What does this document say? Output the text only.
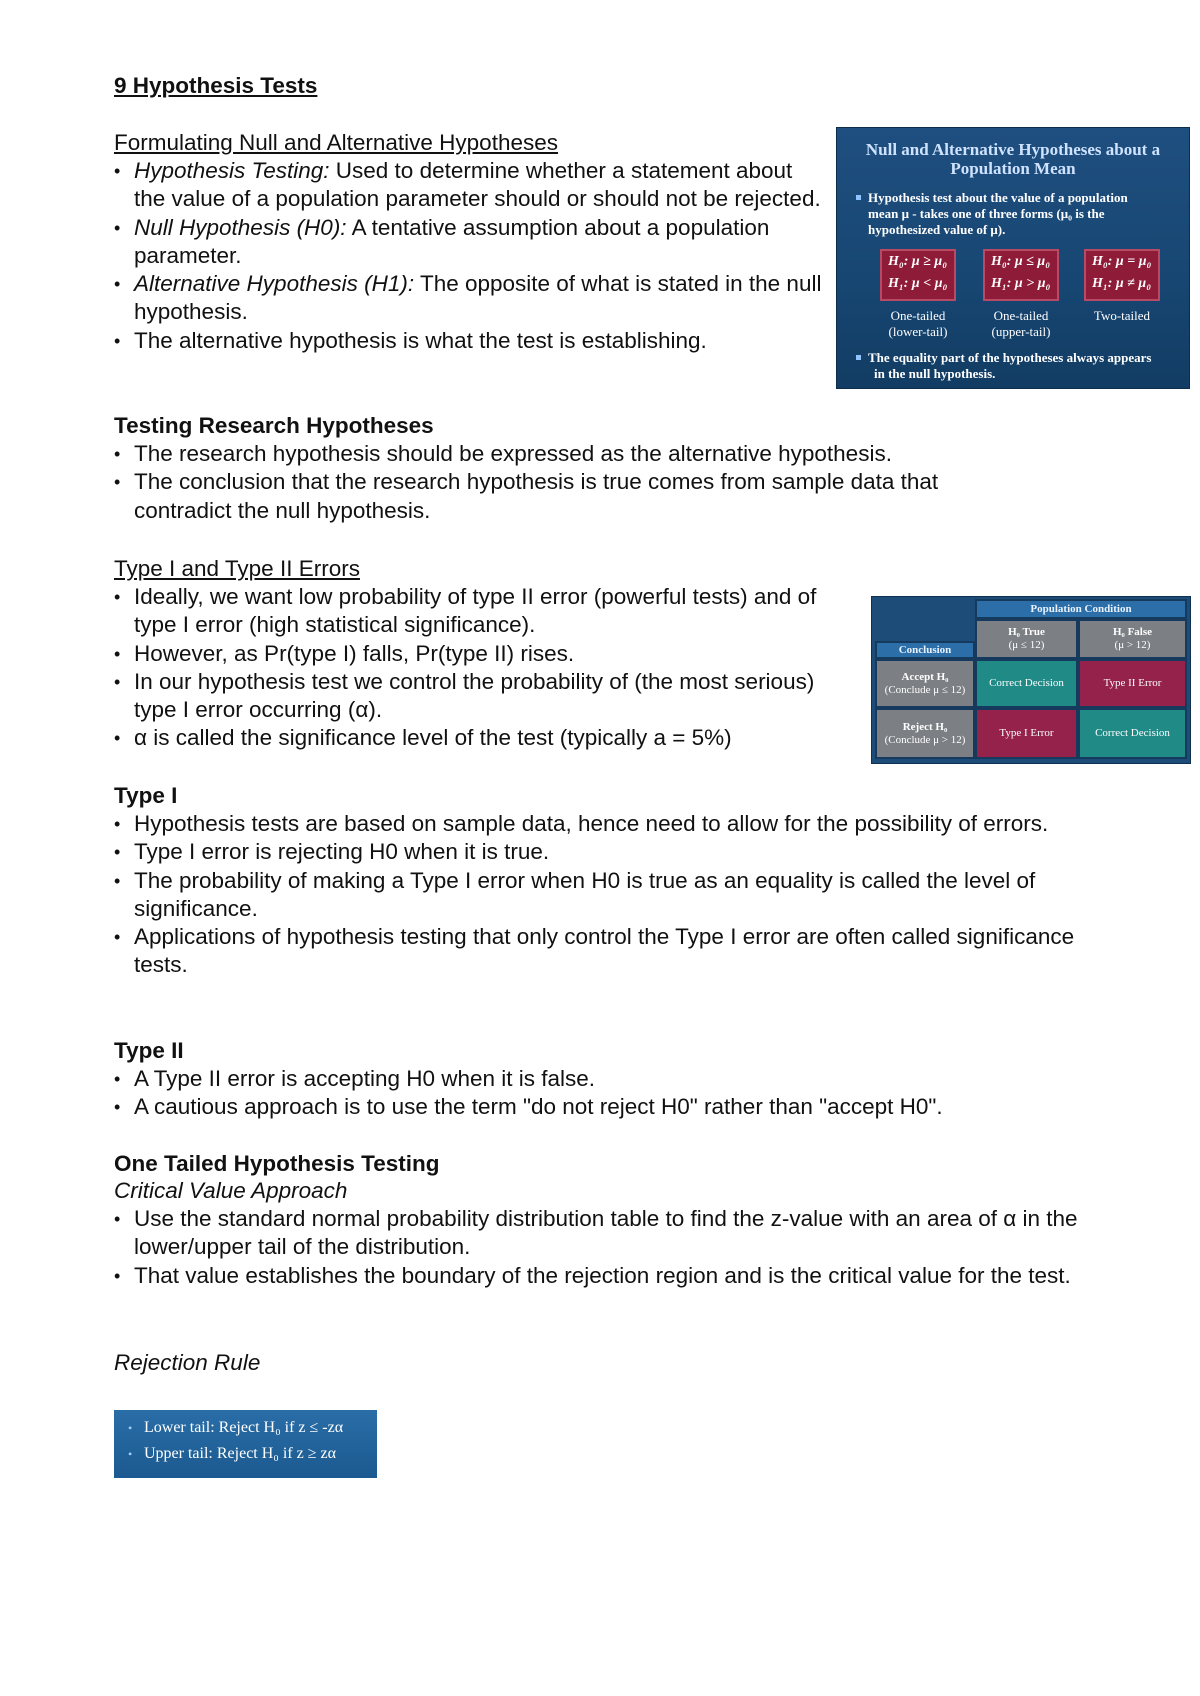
9 Hypothesis Tests
Formulating Null and Alternative Hypotheses
• Hypothesis Testing: Used to determine whether a statement about the value of a population parameter should or should not be rejected.
• Null Hypothesis (H0): A tentative assumption about a population parameter.
• Alternative Hypothesis (H1): The opposite of what is stated in the null hypothesis.
• The alternative hypothesis is what the test is establishing.
Null and Alternative Hypotheses about a
Population Mean
Hypothesis test about the value of a population
mean μ - takes one of three forms (μ₀ is the
hypothesized value of μ).
H₀: μ ≥ μ₀
H₁: μ < μ₀
H₀: μ ≤ μ₀
H₁: μ > μ₀
H₀: μ = μ₀
H₁: μ ≠ μ₀
One-tailed
(lower-tail)
One-tailed
(upper-tail)
Two-tailed
The equality part of the hypotheses always appears
in the null hypothesis.
Testing Research Hypotheses
• The research hypothesis should be expressed as the alternative hypothesis.
• The conclusion that the research hypothesis is true comes from sample data that contradict the null hypothesis.
Type I and Type II Errors
• Ideally, we want low probability of type II error (powerful tests) and of type I error (high statistical significance).
• However, as Pr(type I) falls, Pr(type II) rises.
• In our hypothesis test we control the probability of (the most serious) type I error occurring (α).
• α is called the significance level of the test (typically a = 5%)
Population Condition
H₀ True
(μ ≤ 12)
H₀ False
(μ > 12)
Conclusion
Accept H₀
(Conclude μ ≤ 12)
Correct Decision	Type II Error
Reject H₀
(Conclude μ > 12)
Type I Error	Correct Decision
Type I
• Hypothesis tests are based on sample data, hence need to allow for the possibility of errors.
• Type I error is rejecting H0 when it is true.
• The probability of making a Type I error when H0 is true as an equality is called the level of significance.
• Applications of hypothesis testing that only control the Type I error are often called significance tests.
Type II
• A Type II error is accepting H0 when it is false.
• A cautious approach is to use the term "do not reject H0" rather than "accept H0".
One Tailed Hypothesis Testing
Critical Value Approach
• Use the standard normal probability distribution table to find the z-value with an area of α in the lower/upper tail of the distribution.
• That value establishes the boundary of the rejection region and is the critical value for the test.
Rejection Rule
• Lower tail: Reject H₀ if z ≤ -zα
• Upper tail: Reject H₀ if z ≥ zα
